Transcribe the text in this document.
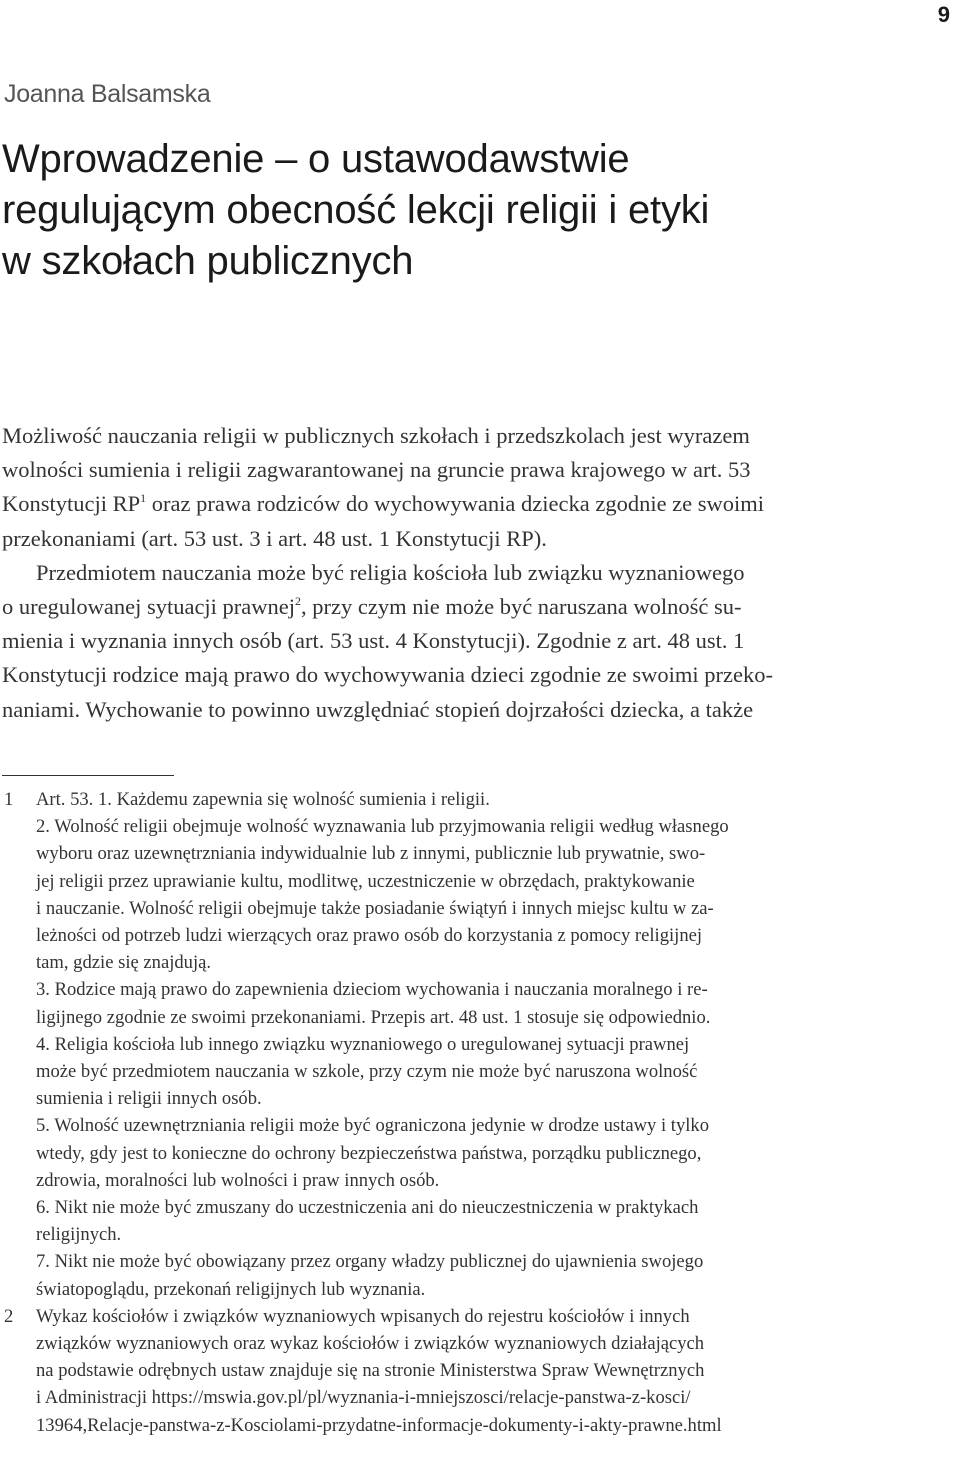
9
Joanna Balsamska
Wprowadzenie – o ustawodawstwie
regulującym obecność lekcji religii i etyki
w szkołach publicznych
Możliwość nauczania religii w publicznych szkołach i przedszkolach jest wyrazem
wolności sumienia i religii zagwarantowanej na gruncie prawa krajowego w art. 53
Konstytucji $RP^1$ oraz prawa rodziców do wychowywania dziecka zgodnie ze swoimi
przekonaniami (art. 53 ust. 3 i art. 48 ust. 1 Konstytucji RP).
Przedmiotem nauczania może być religia kościoła lub związku wyznaniowego
o uregulowanej sytuacji prawnej$^2$, przy czym nie może być naruszana wolność su-
mienia i wyznania innych osób (art. 53 ust. 4 Konstytucji). Zgodnie z art. 48 ust. 1
Konstytucji rodzice mają prawo do wychowywania dzieci zgodnie ze swoimi przeko-
naniami. Wychowanie to powinno uwzględniać stopień dojrzałości dziecka, a także
1 Art. 53. 1. Każdemu zapewnia się wolność sumienia i religii.
2. Wolność religii obejmuje wolność wyznawania lub przyjmowania religii według własnego
wyboru oraz uzewnętrzniania indywidualnie lub z innymi, publicznie lub prywatnie, swo-
jej religii przez uprawianie kultu, modlitwę, uczestniczenie w obrzędach, praktykowanie
i nauczanie. Wolność religii obejmuje także posiadanie świątyń i innych miejsc kultu w za-
leżności od potrzeb ludzi wierzących oraz prawo osób do korzystania z pomocy religijnej
tam, gdzie się znajdują.
3. Rodzice mają prawo do zapewnienia dzieciom wychowania i nauczania moralnego i re-
ligijnego zgodnie ze swoimi przekonaniami. Przepis art. 48 ust. 1 stosuje się odpowiednio.
4. Religia kościoła lub innego związku wyznaniowego o uregulowanej sytuacji prawnej
może być przedmiotem nauczania w szkole, przy czym nie może być naruszona wolność
sumienia i religii innych osób.
5. Wolność uzewnętrzniania religii może być ograniczona jedynie w drodze ustawy i tylko
wtedy, gdy jest to konieczne do ochrony bezpieczeństwa państwa, porządku publicznego,
zdrowia, moralności lub wolności i praw innych osób.
6. Nikt nie może być zmuszany do uczestniczenia ani do nieuczestniczenia w praktykach
religijnych.
7. Nikt nie może być obowiązany przez organy władzy publicznej do ujawnienia swojego
światopoglądu, przekonań religijnych lub wyznania.
2 Wykaz kościołów i związków wyznaniowych wpisanych do rejestru kościołów i innych
związków wyznaniowych oraz wykaz kościołów i związków wyznaniowych działających
na podstawie odrębnych ustaw znajduje się na stronie Ministerstwa Spraw Wewnętrznych
i Administracji https://mswia.gov.pl/pl/wyznania-i-mniejszosci/relacje-panstwa-z-kosci/
13964,Relacje-panstwa-z-Kosciolami-przydatne-informacje-dokumenty-i-akty-prawne.html
